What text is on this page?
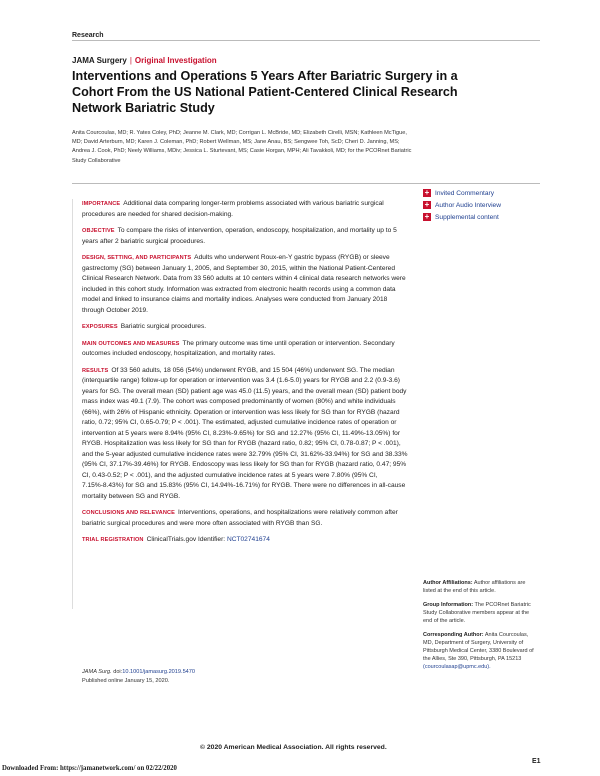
Research
JAMA Surgery | Original Investigation
Interventions and Operations 5 Years After Bariatric Surgery in a Cohort From the US National Patient-Centered Clinical Research Network Bariatric Study
Anita Courcoulas, MD; R. Yates Coley, PhD; Jeanne M. Clark, MD; Corrigan L. McBride, MD; Elizabeth Cirelli, MSN; Kathleen McTigue, MD; David Arterburn, MD; Karen J. Coleman, PhD; Robert Wellman, MS; Jane Anau, BS; Sengwee Toh, ScD; Cheri D. Janning, MS; Andrea J. Cook, PhD; Neely Williams, MDiv; Jessica L. Sturtevant, MS; Casie Horgan, MPH; Ali Tavakkoli, MD; for the PCORnet Bariatric Study Collaborative
+ Invited Commentary
+ Author Audio Interview
+ Supplemental content

IMPORTANCE Additional data comparing longer-term problems associated with various bariatric surgical procedures are needed for shared decision-making.

OBJECTIVE To compare the risks of intervention, operation, endoscopy, hospitalization, and mortality up to 5 years after 2 bariatric surgical procedures.

DESIGN, SETTING, AND PARTICIPANTS Adults who underwent Roux-en-Y gastric bypass (RYGB) or sleeve gastrectomy (SG) between January 1, 2005, and September 30, 2015, within the National Patient-Centered Clinical Research Network. Data from 33 560 adults at 10 centers within 4 clinical data research networks were included in this cohort study. Information was extracted from electronic health records using a common data model and linked to insurance claims and mortality indices. Analyses were conducted from January 2018 through October 2019.

EXPOSURES Bariatric surgical procedures.

MAIN OUTCOMES AND MEASURES The primary outcome was time until operation or intervention. Secondary outcomes included endoscopy, hospitalization, and mortality rates.

RESULTS Of 33 560 adults, 18 056 (54%) underwent RYGB, and 15 504 (46%) underwent SG. The median (interquartile range) follow-up for operation or intervention was 3.4 (1.6-5.0) years for RYGB and 2.2 (0.9-3.6) years for SG. The overall mean (SD) patient age was 45.0 (11.5) years, and the overall mean (SD) patient body mass index was 49.1 (7.9). The cohort was composed predominantly of women (80%) and white individuals (66%), with 26% of Hispanic ethnicity. Operation or intervention was less likely for SG than for RYGB (hazard ratio, 0.72; 95% CI, 0.65-0.79; P < .001). The estimated, adjusted cumulative incidence rates of operation or intervention at 5 years were 8.94% (95% CI, 8.23%-9.65%) for SG and 12.27% (95% CI, 11.49%-13.05%) for RYGB. Hospitalization was less likely for SG than for RYGB (hazard ratio, 0.82; 95% CI, 0.78-0.87; P < .001), and the 5-year adjusted cumulative incidence rates were 32.79% (95% CI, 31.62%-33.94%) for SG and 38.33% (95% CI, 37.17%-39.46%) for RYGB. Endoscopy was less likely for SG than for RYGB (hazard ratio, 0.47; 95% CI, 0.43-0.52; P < .001), and the adjusted cumulative incidence rates at 5 years were 7.80% (95% CI, 7.15%-8.43%) for SG and 15.83% (95% CI, 14.94%-16.71%) for RYGB. There were no differences in all-cause mortality between SG and RYGB.

CONCLUSIONS AND RELEVANCE Interventions, operations, and hospitalizations were relatively common after bariatric surgical procedures and were more often associated with RYGB than SG.

TRIAL REGISTRATION ClinicalTrials.gov Identifier: NCT02741674

JAMA Surg. doi:10.1001/jamasurg.2019.5470
Published online January 15, 2020.
Author Affiliations: Author affiliations are listed at the end of this article.
Group Information: The PCORnet Bariatric Study Collaborative members appear at the end of the article.
Corresponding Author: Anita Courcoulas, MD, Department of Surgery, University of Pittsburgh Medical Center, 3380 Boulevard of the Allies, Ste 390, Pittsburgh, PA 15213 (courcoulasap@upmc.edu).
© 2020 American Medical Association. All rights reserved.
E1
Downloaded From: https://jamanetwork.com/ on 02/22/2020
